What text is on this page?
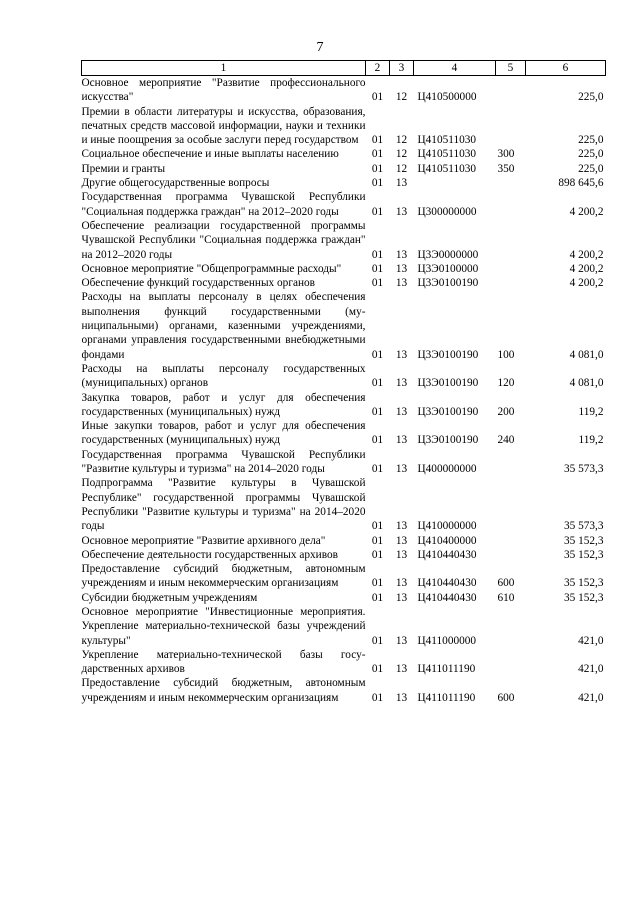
7
1	2	3	4	5	6
Основное мероприятие "Развитие профессионального искусства"	01	12	Ц410500000		225,0
Премии в области литературы и искусства, образования, печатных средств массовой информации, науки и техники и иные поощрения за особые заслуги перед государством	01	12	Ц410511030		225,0
Социальное обеспечение и иные выплаты населению	01	12	Ц410511030	300	225,0
Премии и гранты	01	12	Ц410511030	350	225,0
Другие общегосударственные вопросы	01	13			898 645,6
Государственная программа Чувашской Республики "Социальная поддержка граждан" на 2012–2020 годы	01	13	Ц300000000		4 200,2
Обеспечение реализации государственной программы Чувашской Республики "Социальная поддержка граждан" на 2012–2020 годы	01	13	Ц3Э0000000		4 200,2
Основное мероприятие "Общепрограммные расходы"	01	13	Ц3Э0100000		4 200,2
Обеспечение функций государственных органов	01	13	Ц3Э0100190		4 200,2
Расходы на выплаты персоналу в целях обеспечения выполнения функций государственными (муниципальными) органами, казенными учреждениями, органами управления государственными внебюджетными фондами	01	13	Ц3Э0100190	100	4 081,0
Расходы на выплаты персоналу государственных (муниципальных) органов	01	13	Ц3Э0100190	120	4 081,0
Закупка товаров, работ и услуг для обеспечения государственных (муниципальных) нужд	01	13	Ц3Э0100190	200	119,2
Иные закупки товаров, работ и услуг для обеспечения государственных (муниципальных) нужд	01	13	Ц3Э0100190	240	119,2
Государственная программа Чувашской Республики "Развитие культуры и туризма" на 2014–2020 годы	01	13	Ц400000000		35 573,3
Подпрограмма "Развитие культуры в Чувашской Республике" государственной программы Чувашской Республики "Развитие культуры и туризма" на 2014–2020 годы	01	13	Ц410000000		35 573,3
Основное мероприятие "Развитие архивного дела"	01	13	Ц410400000		35 152,3
Обеспечение деятельности государственных архивов	01	13	Ц410440430		35 152,3
Предоставление субсидий бюджетным, автономным учреждениям и иным некоммерческим организациям	01	13	Ц410440430	600	35 152,3
Субсидии бюджетным учреждениям	01	13	Ц410440430	610	35 152,3
Основное мероприятие "Инвестиционные мероприятия. Укрепление материально-технической базы учреждений культуры"	01	13	Ц411000000		421,0
Укрепление материально-технической базы государственных архивов	01	13	Ц411011190		421,0
Предоставление субсидий бюджетным, автономным учреждениям и иным некоммерческим организациям	01	13	Ц411011190	600	421,0
